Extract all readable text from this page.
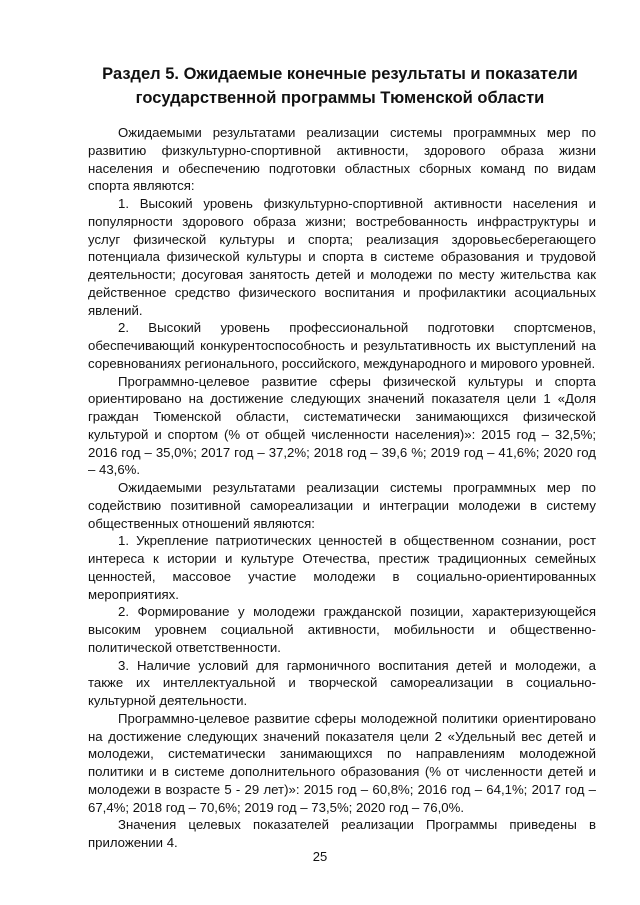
Раздел 5. Ожидаемые конечные результаты и показатели
государственной программы Тюменской области

Ожидаемыми результатами реализации системы программных мер по развитию физкультурно-спортивной активности, здорового образа жизни населения и обеспечению подготовки областных сборных команд по видам спорта являются:

1. Высокий уровень физкультурно-спортивной активности населения и популярности здорового образа жизни; востребованность инфраструктуры и услуг физической культуры и спорта; реализация здоровьесберегающего потенциала физической культуры и спорта в системе образования и трудовой деятельности; досуговая занятость детей и молодежи по месту жительства как действенное средство физического воспитания и профилактики асоциальных явлений.

2. Высокий уровень профессиональной подготовки спортсменов, обеспечивающий конкурентоспособность и результативность их выступлений на соревнованиях регионального, российского, международного и мирового уровней.

Программно-целевое развитие сферы физической культуры и спорта ориентировано на достижение следующих значений показателя цели 1 «Доля граждан Тюменской области, систематически занимающихся физической культурой и спортом (% от общей численности населения)»: 2015 год – 32,5%; 2016 год – 35,0%; 2017 год – 37,2%; 2018 год – 39,6 %; 2019 год – 41,6%; 2020 год – 43,6%.

Ожидаемыми результатами реализации системы программных мер по содействию позитивной самореализации и интеграции молодежи в систему общественных отношений являются:

1. Укрепление патриотических ценностей в общественном сознании, рост интереса к истории и культуре Отечества, престиж традиционных семейных ценностей, массовое участие молодежи в социально-ориентированных мероприятиях.

2. Формирование у молодежи гражданской позиции, характеризующейся высоким уровнем социальной активности, мобильности и общественно-политической ответственности.

3. Наличие условий для гармоничного воспитания детей и молодежи, а также их интеллектуальной и творческой самореализации в социально-культурной деятельности.

Программно-целевое развитие сферы молодежной политики ориентировано на достижение следующих значений показателя цели 2 «Удельный вес детей и молодежи, систематически занимающихся по направлениям молодежной политики и в системе дополнительного образования (% от численности детей и молодежи в возрасте 5 - 29 лет)»: 2015 год – 60,8%; 2016 год – 64,1%; 2017 год – 67,4%; 2018 год – 70,6%; 2019 год – 73,5%; 2020 год – 76,0%.

Значения целевых показателей реализации Программы приведены в приложении 4.

25
